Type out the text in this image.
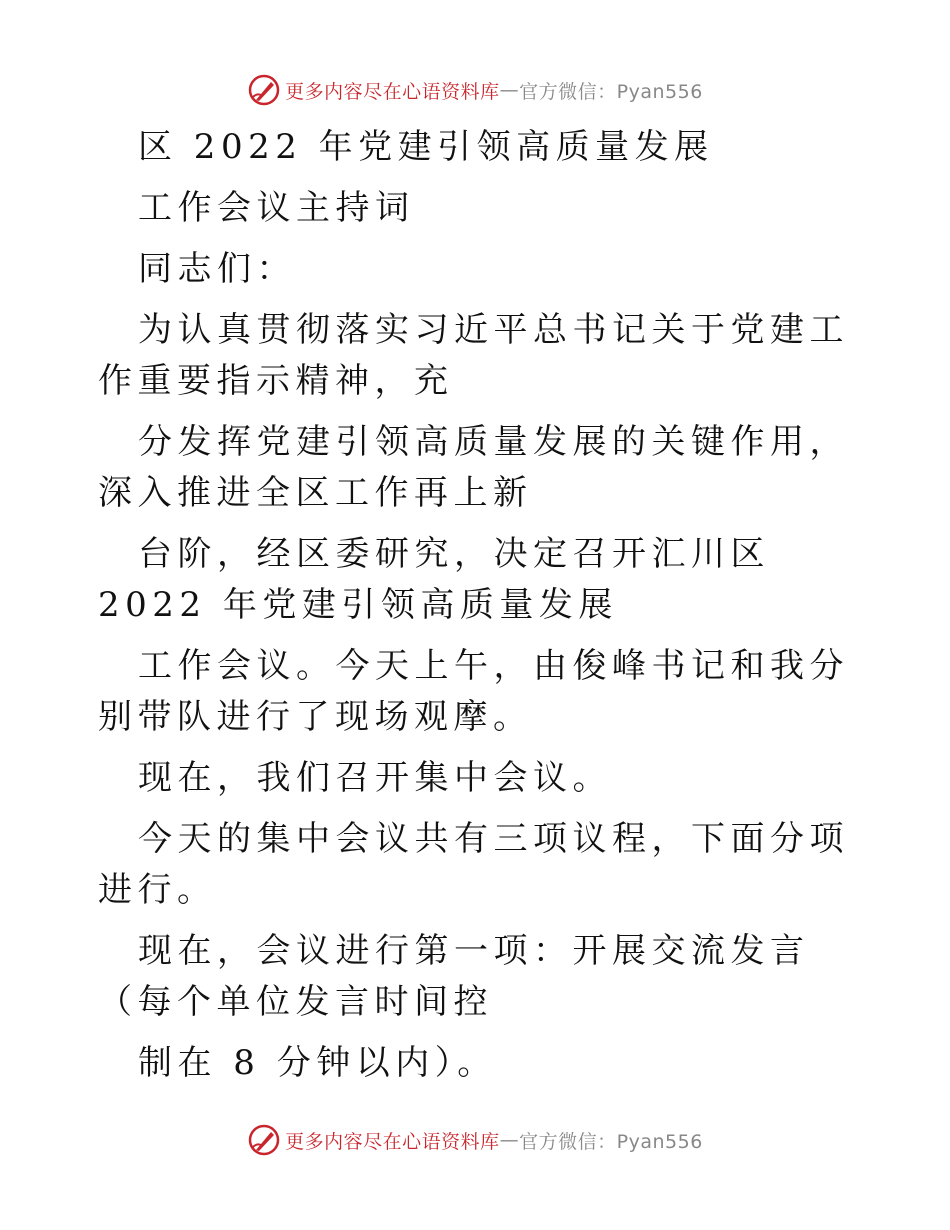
更多内容尽在心语资料库 — 官方微信：Pyan556

区 2022 年党建引领高质量发展

工作会议主持词

同志们：

为认真贯彻落实习近平总书记关于党建工作重要指示精神，充

分发挥党建引领高质量发展的关键作用，深入推进全区工作再上新

台阶，经区委研究，决定召开汇川区 2022 年党建引领高质量发展

工作会议。今天上午，由俊峰书记和我分别带队进行了现场观摩。

现在，我们召开集中会议。

今天的集中会议共有三项议程，下面分项进行。

现在，会议进行第一项：开展交流发言（每个单位发言时间控

制在 8 分钟以内）。

更多内容尽在心语资料库 — 官方微信：Pyan556
